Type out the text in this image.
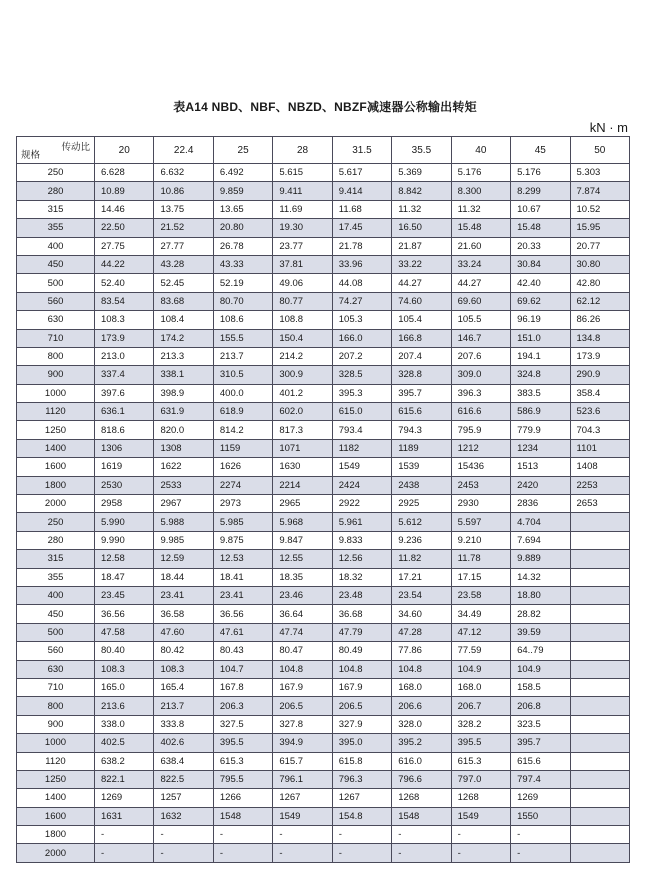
表A14 NBD、NBF、NBZD、NBZF减速器公称输出转矩
kN · m
传动比
规格	20	22.4	25	28	31.5	35.5	40	45	50
250	6.628	6.632	6.492	5.615	5.617	5.369	5.176	5.176	5.303
280	10.89	10.86	9.859	9.411	9.414	8.842	8.300	8.299	7.874
315	14.46	13.75	13.65	11.69	11.68	11.32	11.32	10.67	10.52
355	22.50	21.52	20.80	19.30	17.45	16.50	15.48	15.48	15.95
400	27.75	27.77	26.78	23.77	21.78	21.87	21.60	20.33	20.77
450	44.22	43.28	43.33	37.81	33.96	33.22	33.24	30.84	30.80
500	52.40	52.45	52.19	49.06	44.08	44.27	44.27	42.40	42.80
560	83.54	83.68	80.70	80.77	74.27	74.60	69.60	69.62	62.12
630	108.3	108.4	108.6	108.8	105.3	105.4	105.5	96.19	86.26
710	173.9	174.2	155.5	150.4	166.0	166.8	146.7	151.0	134.8
800	213.0	213.3	213.7	214.2	207.2	207.4	207.6	194.1	173.9
900	337.4	338.1	310.5	300.9	328.5	328.8	309.0	324.8	290.9
1000	397.6	398.9	400.0	401.2	395.3	395.7	396.3	383.5	358.4
1120	636.1	631.9	618.9	602.0	615.0	615.6	616.6	586.9	523.6
1250	818.6	820.0	814.2	817.3	793.4	794.3	795.9	779.9	704.3
1400	1306	1308	1159	1071	1182	1189	1212	1234	1101
1600	1619	1622	1626	1630	1549	1539	15436	1513	1408
1800	2530	2533	2274	2214	2424	2438	2453	2420	2253
2000	2958	2967	2973	2965	2922	2925	2930	2836	2653
250	5.990	5.988	5.985	5.968	5.961	5.612	5.597	4.704	
280	9.990	9.985	9.875	9.847	9.833	9.236	9.210	7.694	
315	12.58	12.59	12.53	12.55	12.56	11.82	11.78	9.889	
355	18.47	18.44	18.41	18.35	18.32	17.21	17.15	14.32	
400	23.45	23.41	23.41	23.46	23.48	23.54	23.58	18.80	
450	36.56	36.58	36.56	36.64	36.68	34.60	34.49	28.82	
500	47.58	47.60	47.61	47.74	47.79	47.28	47.12	39.59	
560	80.40	80.42	80.43	80.47	80.49	77.86	77.59	64..79	
630	108.3	108.3	104.7	104.8	104.8	104.8	104.9	104.9	
710	165.0	165.4	167.8	167.9	167.9	168.0	168.0	158.5	
800	213.6	213.7	206.3	206.5	206.5	206.6	206.7	206.8	
900	338.0	333.8	327.5	327.8	327.9	328.0	328.2	323.5	
1000	402.5	402.6	395.5	394.9	395.0	395.2	395.5	395.7	
1120	638.2	638.4	615.3	615.7	615.8	616.0	615.3	615.6	
1250	822.1	822.5	795.5	796.1	796.3	796.6	797.0	797.4	
1400	1269	1257	1266	1267	1267	1268	1268	1269	
1600	1631	1632	1548	1549	154.8	1548	1549	1550	
1800	-	-	-	-	-	-	-	-	
2000	-	-	-	-	-	-	-	-	
